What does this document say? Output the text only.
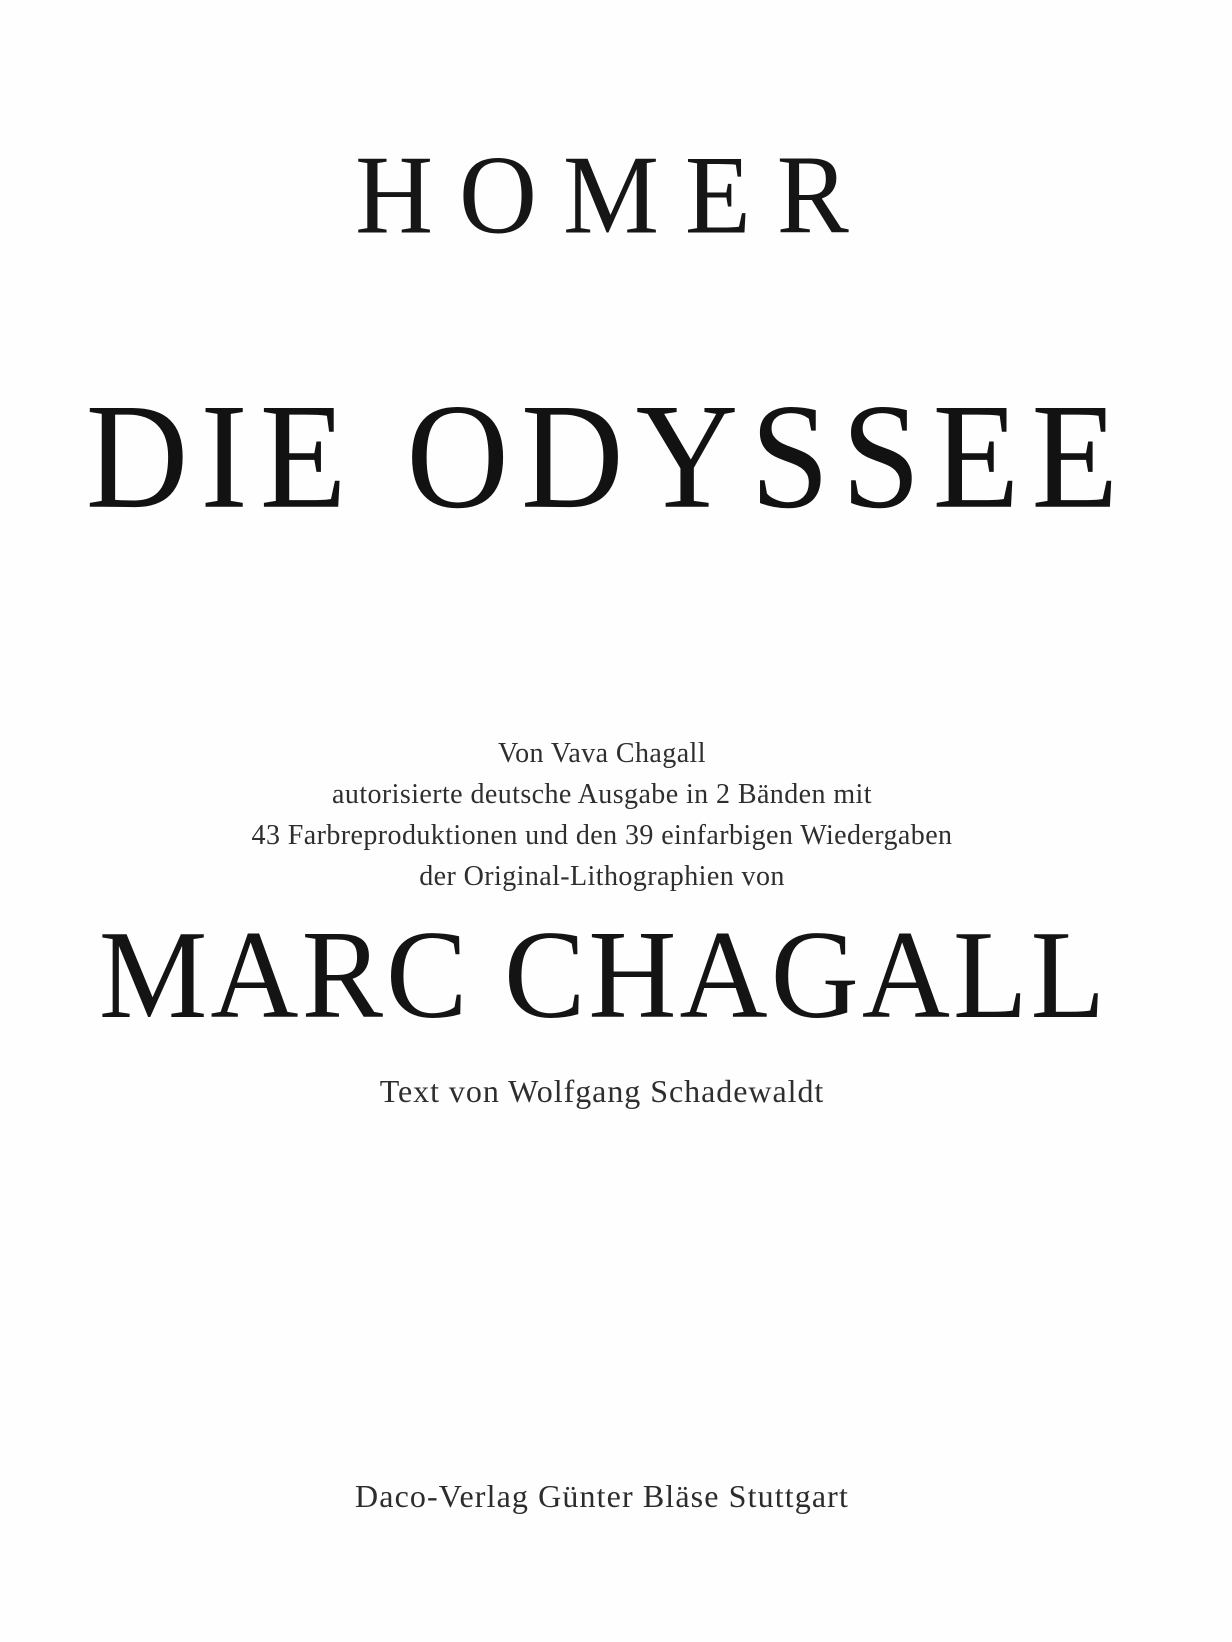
HOMER
DIE ODYSSEE
Von Vava Chagall
autorisierte deutsche Ausgabe in 2 Bänden mit
43 Farbreproduktionen und den 39 einfarbigen Wiedergaben
der Original-Lithographien von
MARC CHAGALL
Text von Wolfgang Schadewaldt
Daco-Verlag Günter Bläse Stuttgart
